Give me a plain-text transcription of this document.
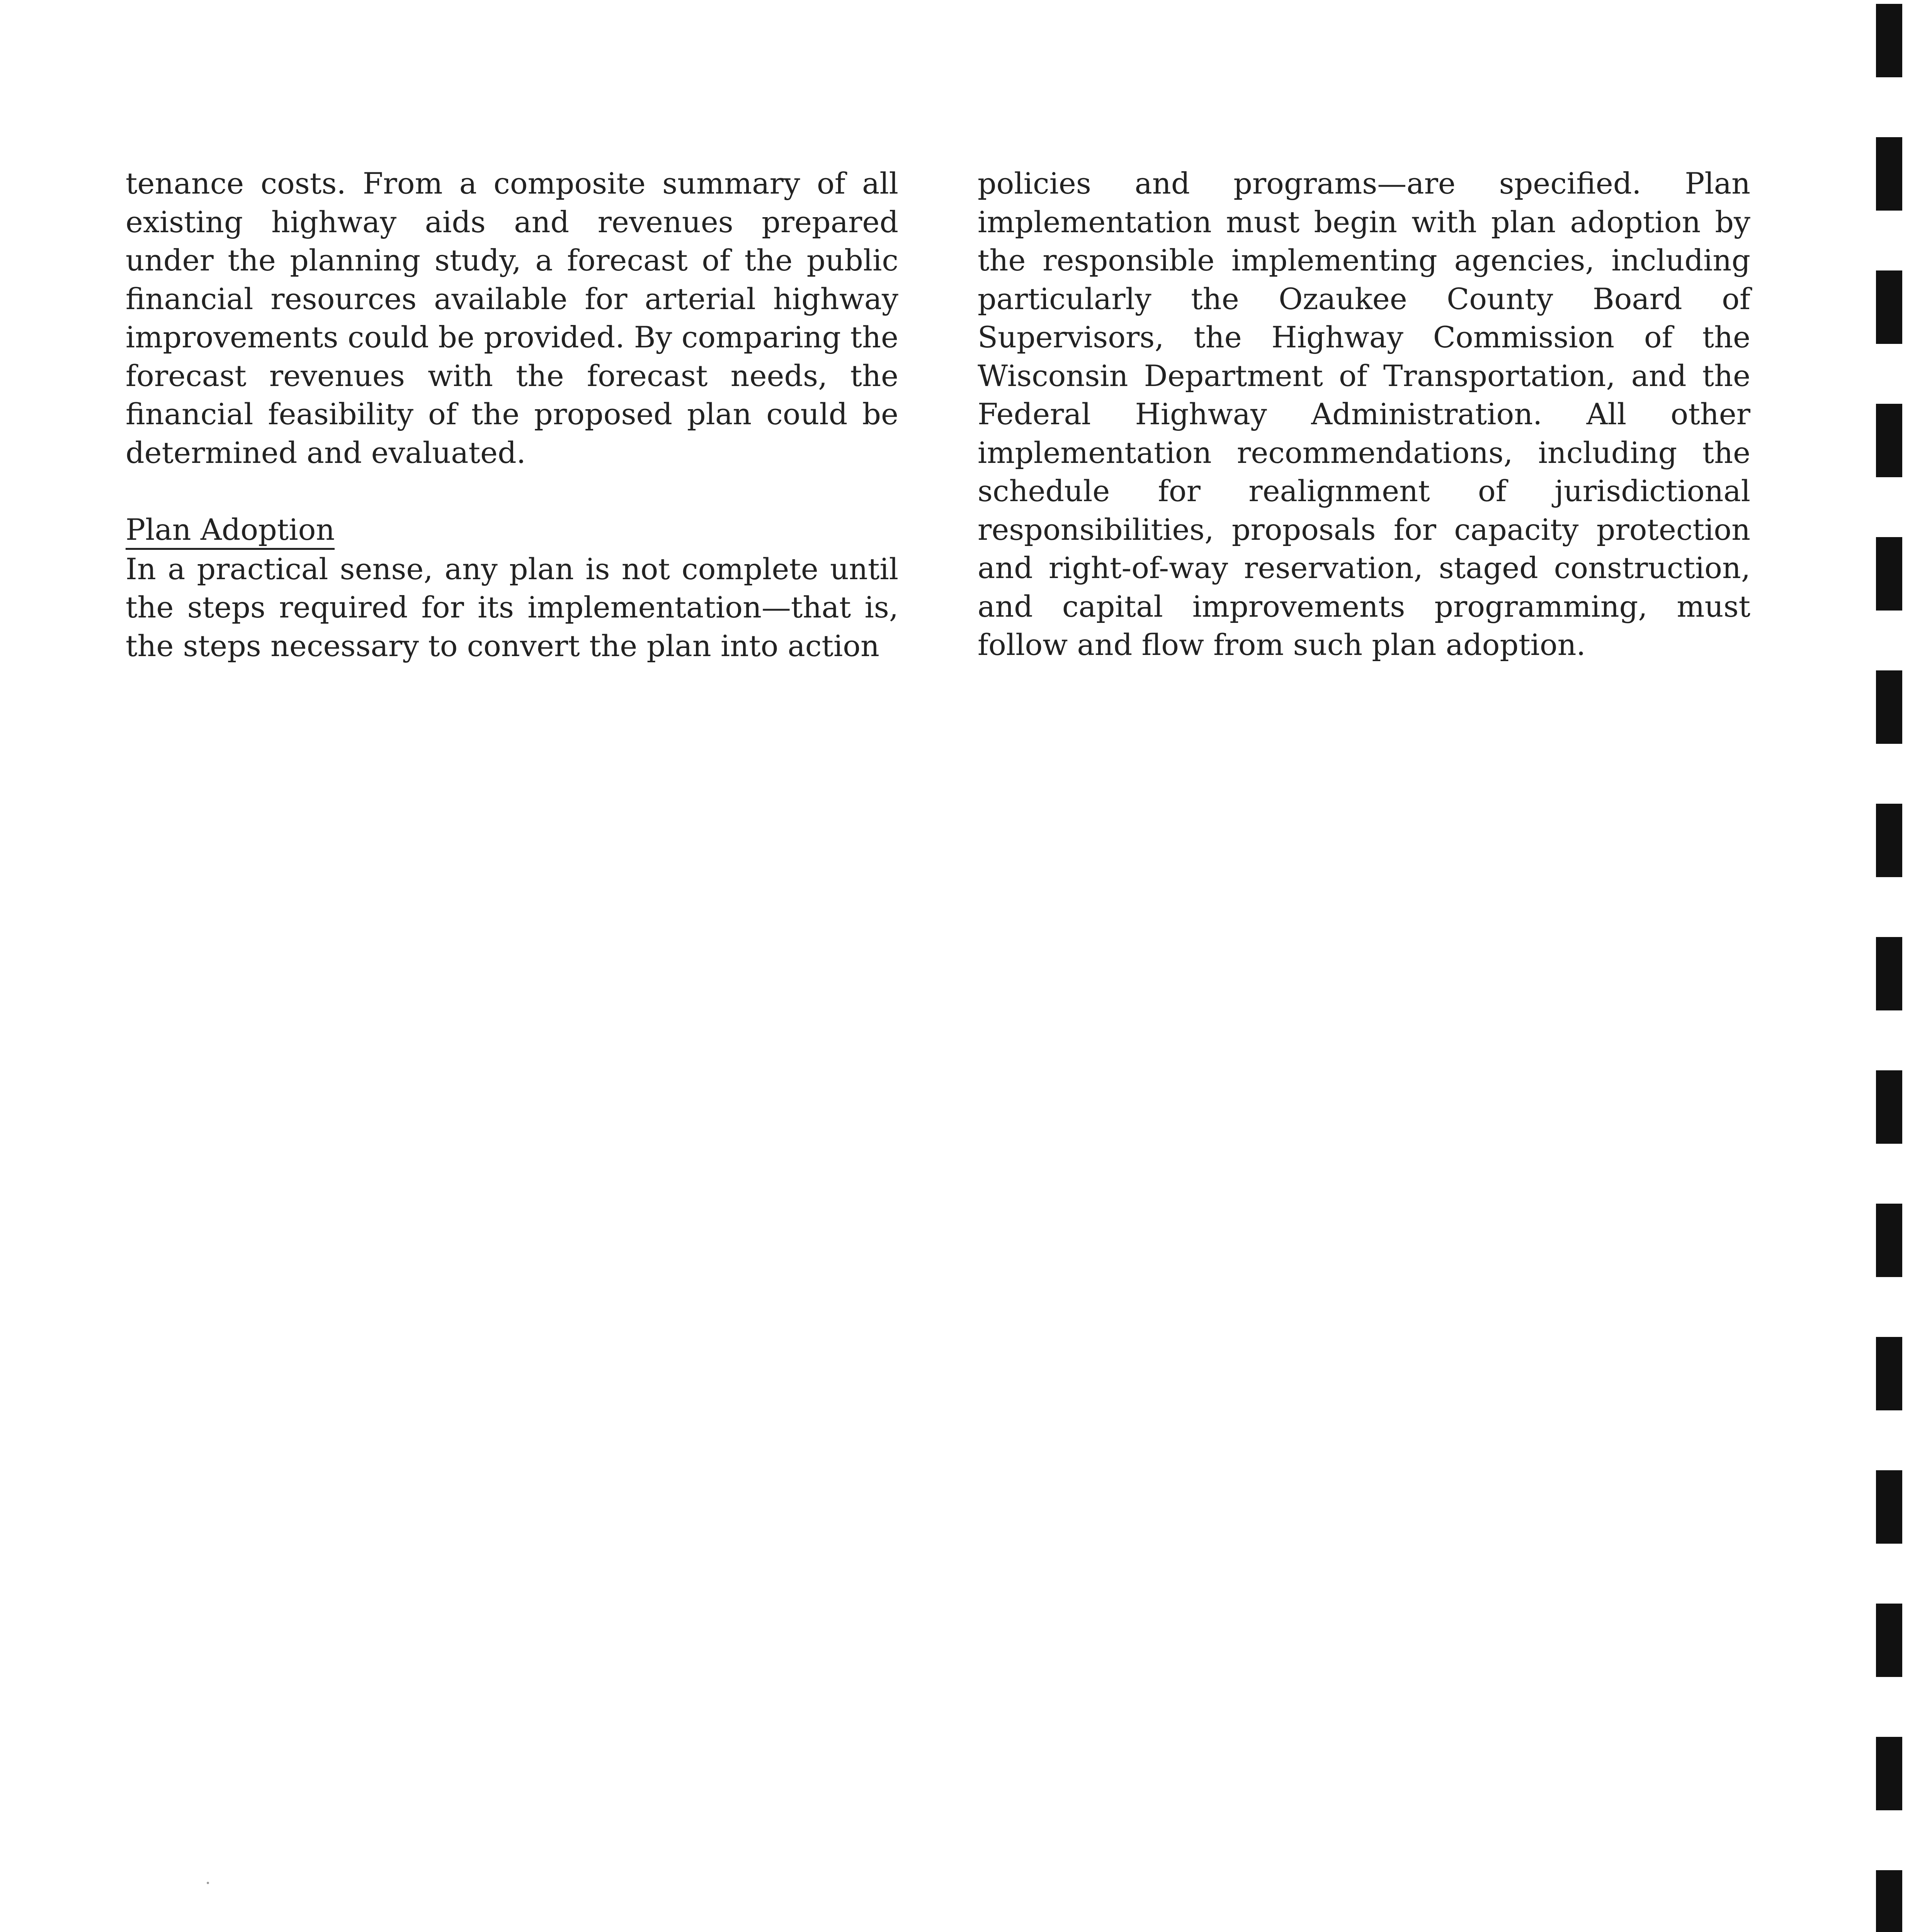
tenance costs. From a composite summary of all existing highway aids and revenues prepared under the planning study, a forecast of the public financial resources available for arterial highway improvements could be provided. By comparing the forecast revenues with the forecast needs, the financial feasibility of the proposed plan could be determined and evaluated.

Plan Adoption

In a practical sense, any plan is not complete until the steps required for its implementation—that is, the steps necessary to convert the plan into action

policies and programs—are specified. Plan implementation must begin with plan adoption by the responsible implementing agencies, including particularly the Ozaukee County Board of Supervisors, the Highway Commission of the Wisconsin Department of Transportation, and the Federal Highway Administration. All other implementation recommendations, including the schedule for realignment of jurisdictional responsibilities, proposals for capacity protection and right-of-way reservation, staged construction, and capital improvements programming, must follow and flow from such plan adoption.
